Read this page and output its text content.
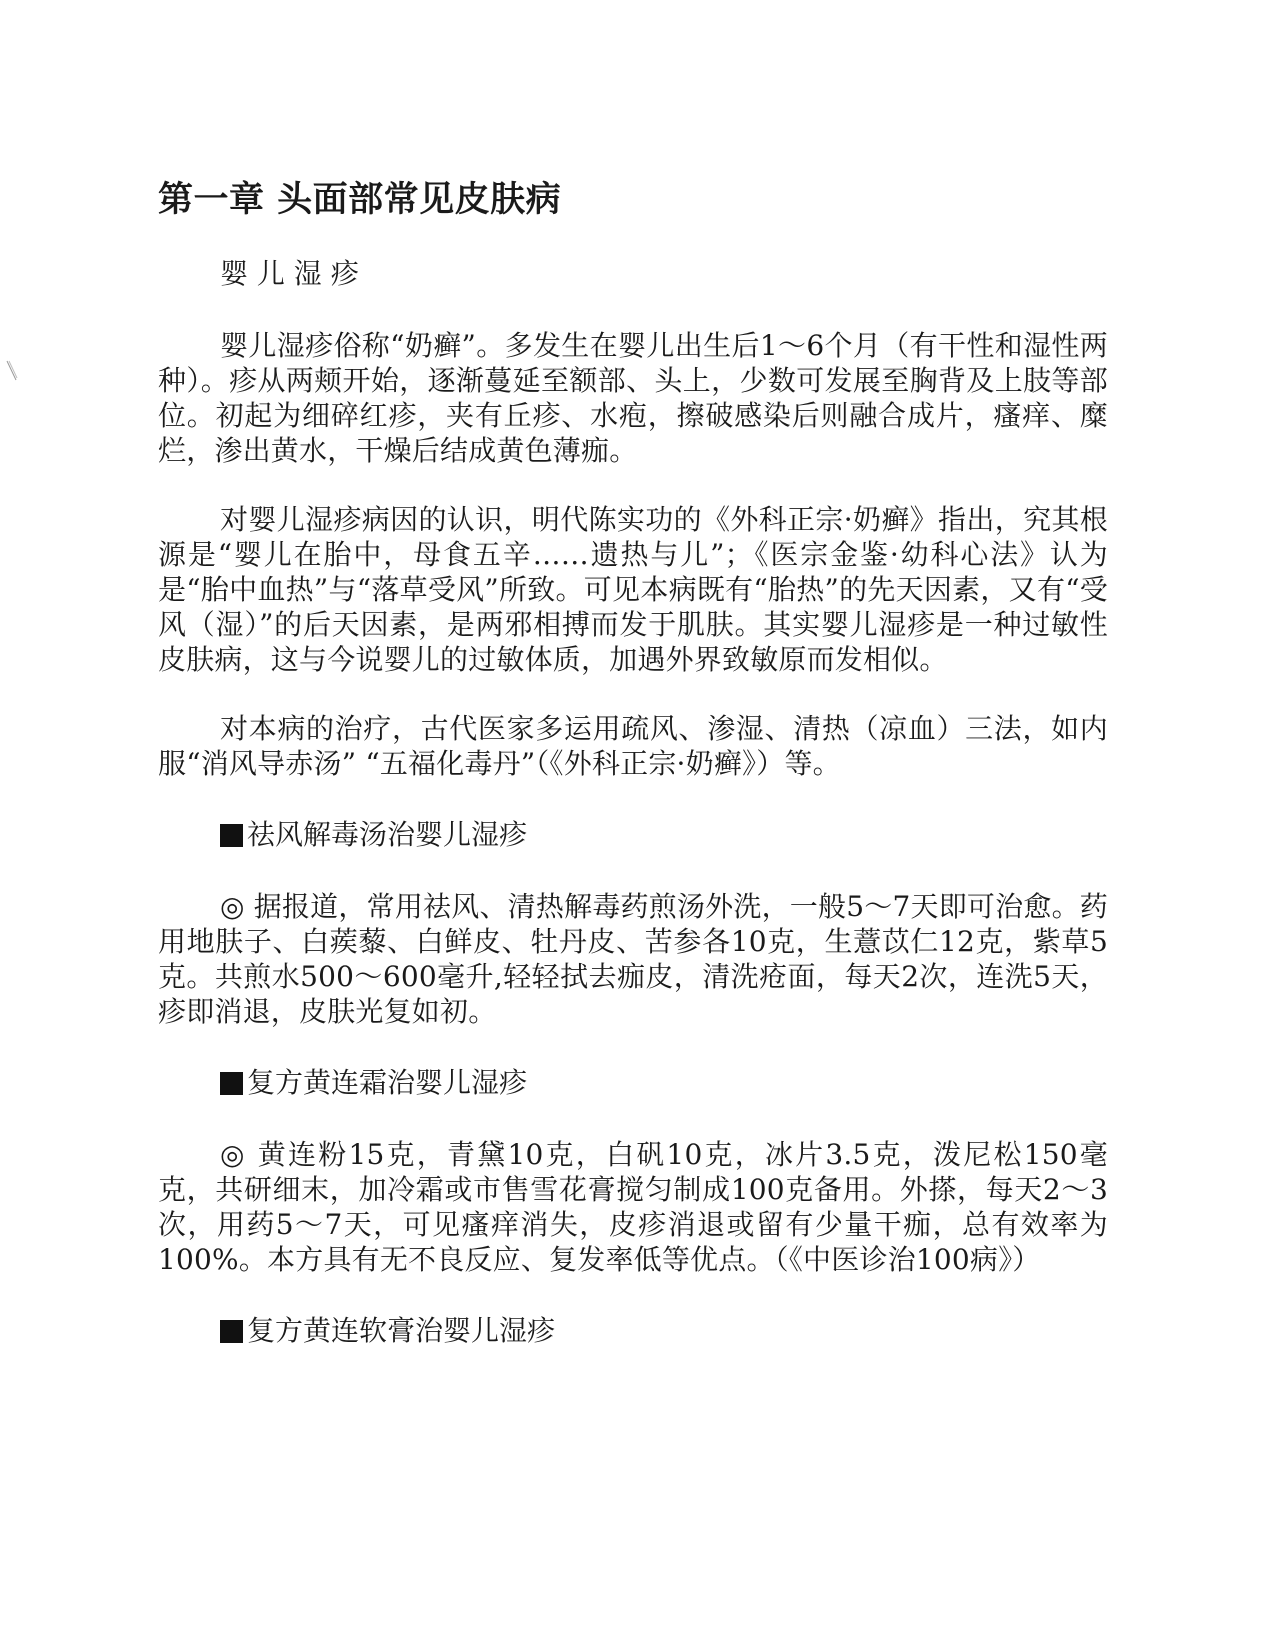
第一章 头面部常见皮肤病
婴 儿 湿 疹

婴儿湿疹俗称“奶癣”。多发生在婴儿出生后1～6个月（有干性和湿性两种）。疹从两颊开始，逐渐蔓延至额部、头上，少数可发展至胸背及上肢等部位。初起为细碎红疹，夹有丘疹、水疱，擦破感染后则融合成片，瘙痒、糜烂，渗出黄水，干燥后结成黄色薄痂。

对婴儿湿疹病因的认识，明代陈实功的《外科正宗·奶癣》指出，究其根源是“婴儿在胎中，母食五辛……遗热与儿”；《医宗金鉴·幼科心法》认为是“胎中血热”与“落草受风”所致。可见本病既有“胎热”的先天因素，又有“受风（湿）”的后天因素，是两邪相搏而发于肌肤。其实婴儿湿疹是一种过敏性皮肤病，这与今说婴儿的过敏体质，加遇外界致敏原而发相似。

对本病的治疗，古代医家多运用疏风、渗湿、清热（凉血）三法，如内服“消风导赤汤” “五福化毒丹”（《外科正宗·奶癣》）等。

祛风解毒汤治婴儿湿疹

◎ 据报道，常用祛风、清热解毒药煎汤外洗，一般5～7天即可治愈。药用地肤子、白蒺藜、白鲜皮、牡丹皮、苦参各10克，生薏苡仁12克，紫草5克。共煎水500～600毫升,轻轻拭去痂皮，清洗疮面，每天2次，连洗5天，疹即消退，皮肤光复如初。

复方黄连霜治婴儿湿疹

◎ 黄连粉15克，青黛10克，白矾10克，冰片3.5克，泼尼松150毫克，共研细末，加冷霜或市售雪花膏搅匀制成100克备用。外搽，每天2～3次，用药5～7天，可见瘙痒消失，皮疹消退或留有少量干痂，总有效率为100%。本方具有无不良反应、复发率低等优点。（《中医诊治100病》）

复方黄连软膏治婴儿湿疹
